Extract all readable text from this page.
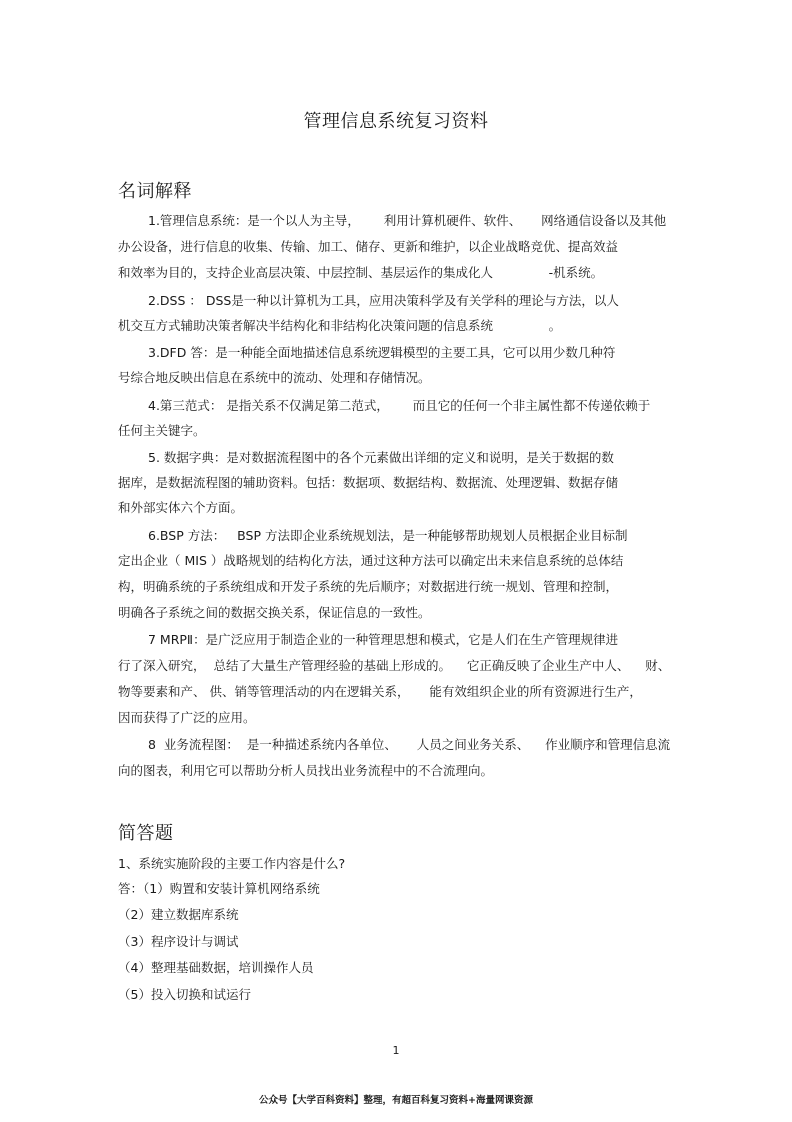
管理信息系统复习资料
名词解释
1.管理信息系统：是一个以人为主导，      利用计算机硬件、软件、     网络通信设备以及其他
办公设备，进行信息的收集、传输、加工、储存、更新和维护，以企业战略竞优、提高效益
和效率为目的，支持企业高层决策、中层控制、基层运作的集成化人              -机系统。
2.DSS ： DSS是一种以计算机为工具，应用决策科学及有关学科的理论与方法，以人
机交互方式辅助决策者解决半结构化和非结构化决策问题的信息系统              。
3.DFD 答：是一种能全面地描述信息系统逻辑模型的主要工具，它可以用少数几种符
号综合地反映出信息在系统中的流动、处理和存储情况。
4.第三范式： 是指关系不仅满足第二范式，      而且它的任何一个非主属性都不传递依赖于
任何主关键字。
5. 数据字典：是对数据流程图中的各个元素做出详细的定义和说明，是关于数据的数
据库，是数据流程图的辅助资料。包括：数据项、数据结构、数据流、处理逻辑、数据存储
和外部实体六个方面。
6.BSP 方法：   BSP 方法即企业系统规划法，是一种能够帮助规划人员根据企业目标制
定出企业（ MIS ）战略规划的结构化方法，通过这种方法可以确定出未来信息系统的总体结
构，明确系统的子系统组成和开发子系统的先后顺序；对数据进行统一规划、管理和控制，
明确各子系统之间的数据交换关系，保证信息的一致性。
7 MRPⅡ：是广泛应用于制造企业的一种管理思想和模式，它是人们在生产管理规律进
行了深入研究，  总结了大量生产管理经验的基础上形成的。    它正确反映了企业生产中人、    财、
物等要素和产、 供、销等管理活动的内在逻辑关系，     能有效组织企业的所有资源进行生产，
因而获得了广泛的应用。
8  业务流程图：  是一种描述系统内各单位、     人员之间业务关系、    作业顺序和管理信息流
向的图表，利用它可以帮助分析人员找出业务流程中的不合流理向。
简答题
1、系统实施阶段的主要工作内容是什么?
答：（1）购置和安装计算机网络系统
（2）建立数据库系统
（3）程序设计与调试
（4）整理基础数据，培训操作人员
（5）投入切换和试运行
1
公众号【大学百科资料】整理，有超百科复习资料+海量网课资源
